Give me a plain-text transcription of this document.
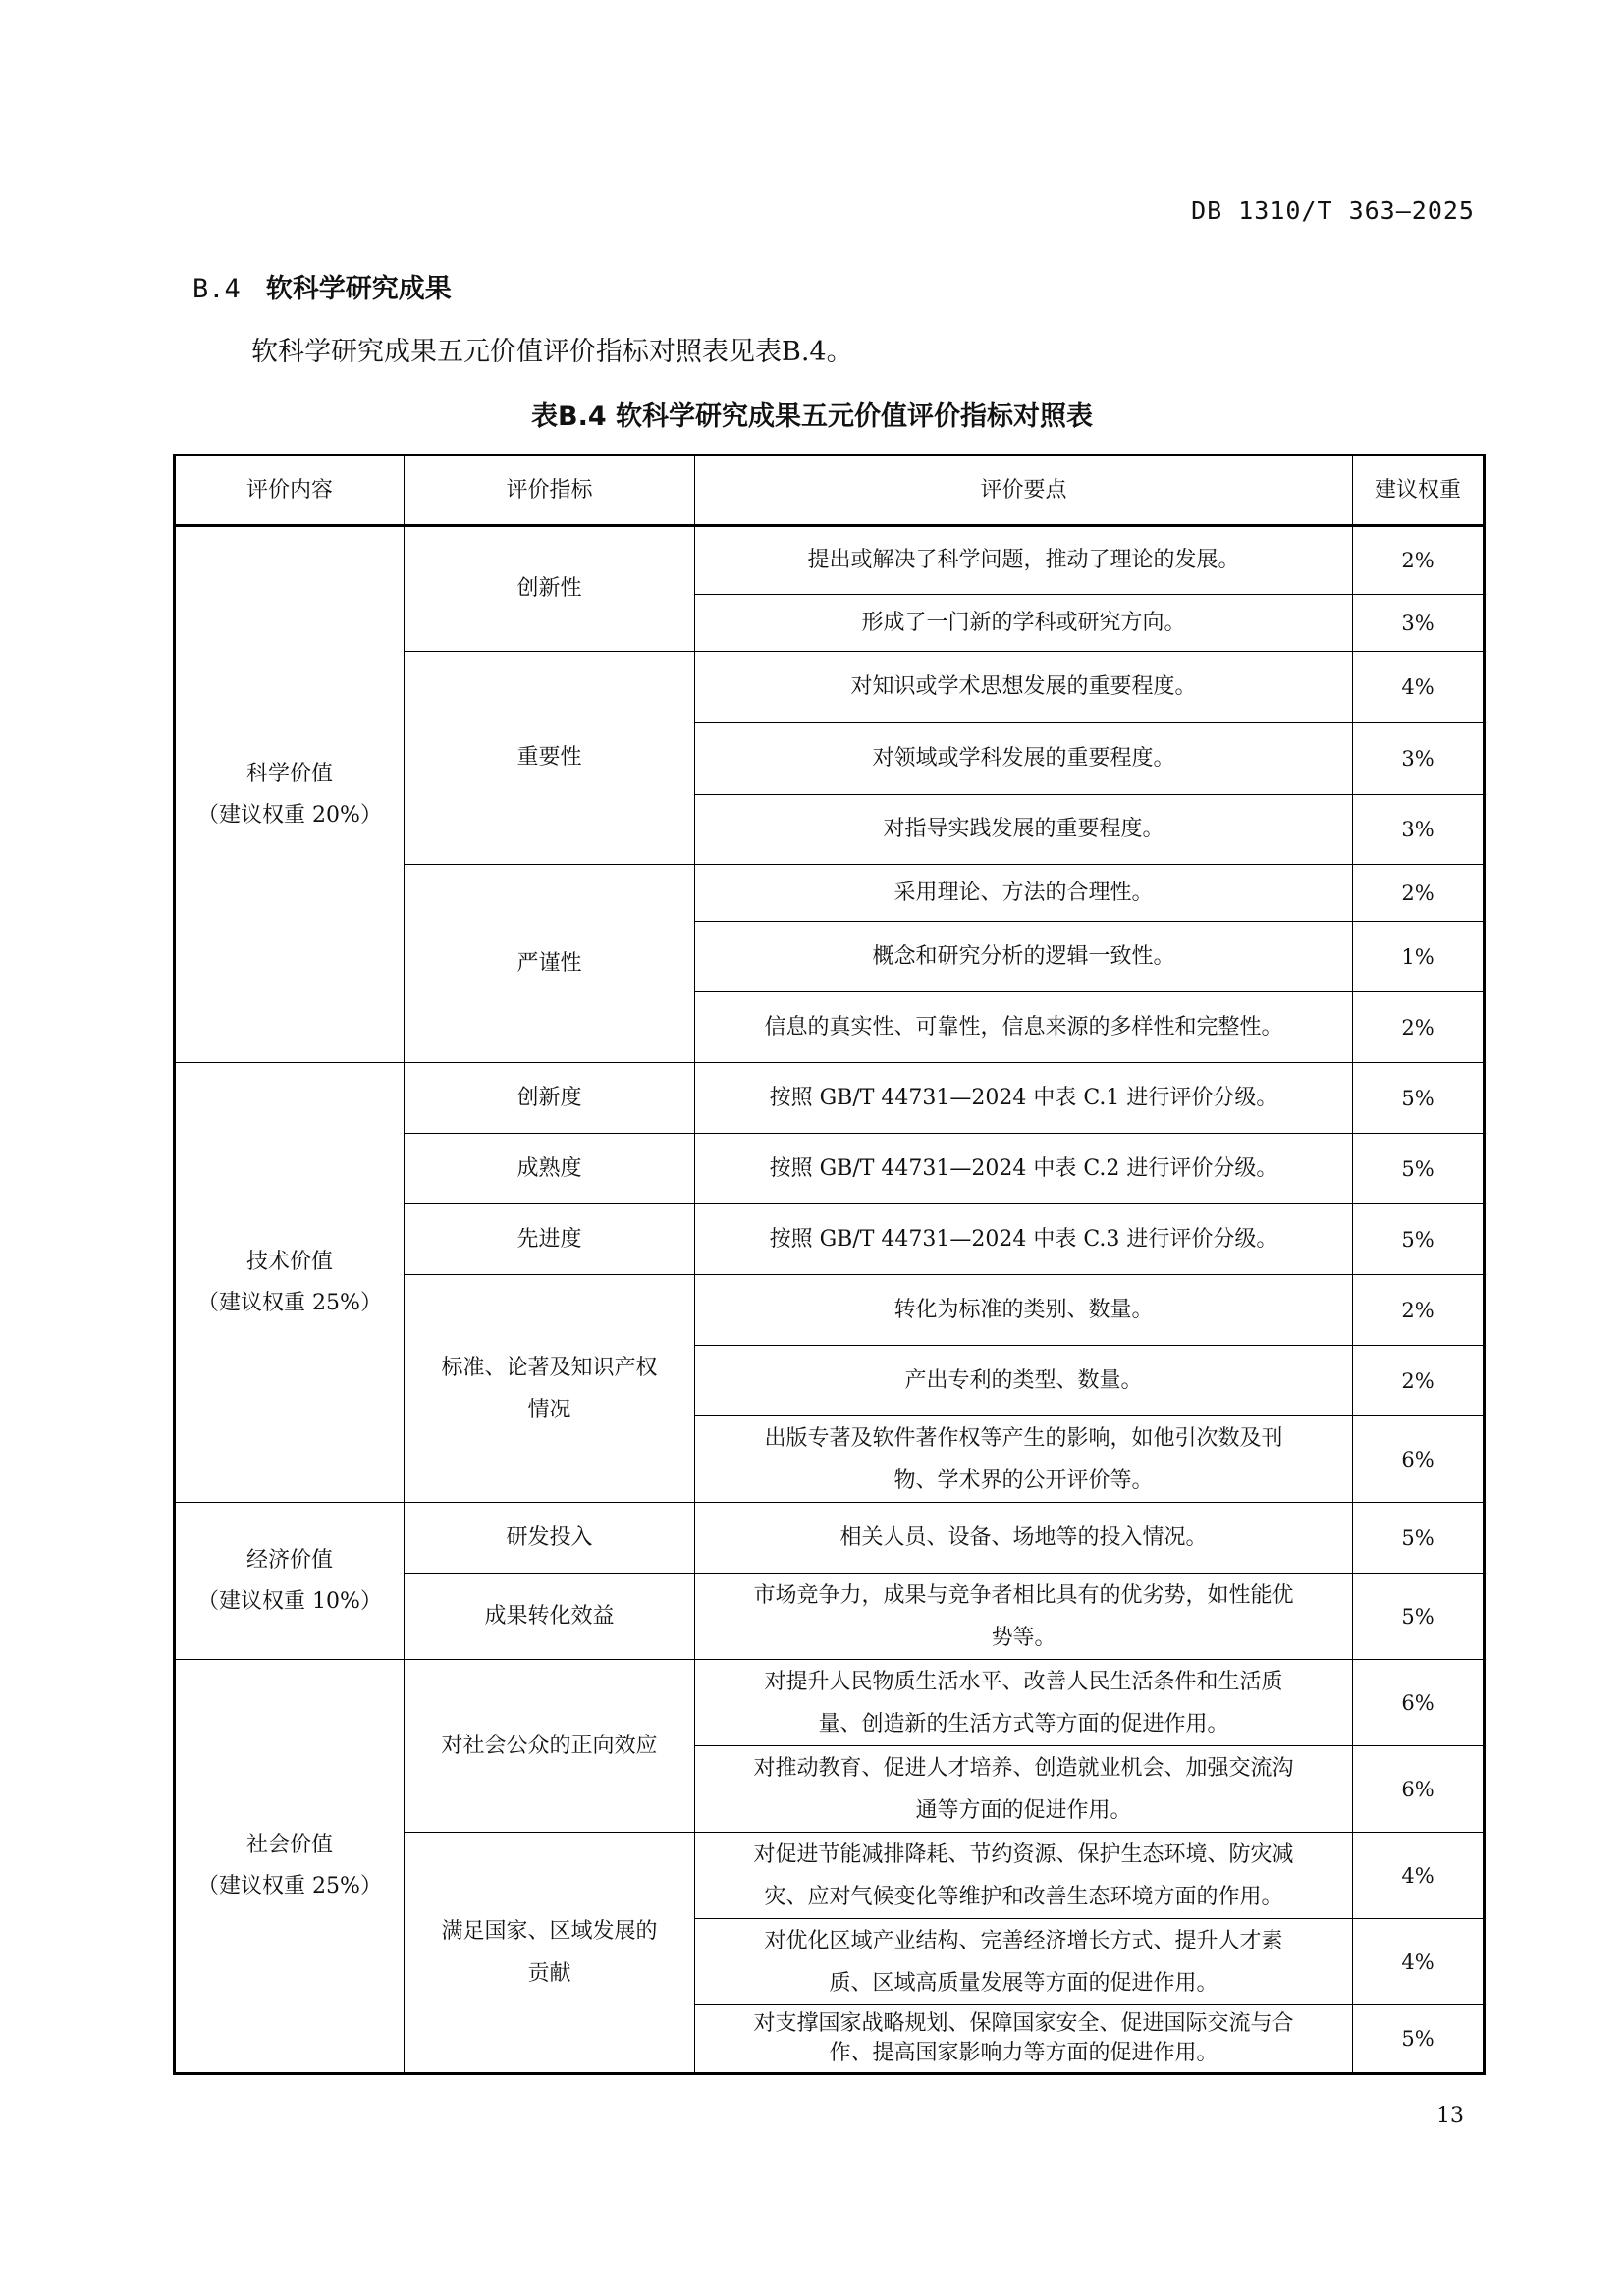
DB 1310/T 363—2025
B.4 软科学研究成果
软科学研究成果五元价值评价指标对照表见表B.4。
表B.4 软科学研究成果五元价值评价指标对照表
评价内容	评价指标	评价要点	建议权重
科学价值
（建议权重 20%）	创新性	提出或解决了科学问题，推动了理论的发展。	2%
		形成了一门新的学科或研究方向。	3%
	重要性	对知识或学术思想发展的重要程度。	4%
		对领域或学科发展的重要程度。	3%
		对指导实践发展的重要程度。	3%
	严谨性	采用理论、方法的合理性。	2%
		概念和研究分析的逻辑一致性。	1%
		信息的真实性、可靠性，信息来源的多样性和完整性。	2%
技术价值
（建议权重 25%）	创新度	按照 GB/T 44731—2024 中表 C.1 进行评价分级。	5%
	成熟度	按照 GB/T 44731—2024 中表 C.2 进行评价分级。	5%
	先进度	按照 GB/T 44731—2024 中表 C.3 进行评价分级。	5%
	标准、论著及知识产权
情况	转化为标准的类别、数量。	2%
		产出专利的类型、数量。	2%
		出版专著及软件著作权等产生的影响，如他引次数及刊
物、学术界的公开评价等。	6%
经济价值
（建议权重 10%）	研发投入	相关人员、设备、场地等的投入情况。	5%
	成果转化效益	市场竞争力，成果与竞争者相比具有的优劣势，如性能优
势等。	5%
社会价值
（建议权重 25%）	对社会公众的正向效应	对提升人民物质生活水平、改善人民生活条件和生活质
量、创造新的生活方式等方面的促进作用。	6%
		对推动教育、促进人才培养、创造就业机会、加强交流沟
通等方面的促进作用。	6%
	满足国家、区域发展的
贡献	对促进节能减排降耗、节约资源、保护生态环境、防灾减
灾、应对气候变化等维护和改善生态环境方面的作用。	4%
		对优化区域产业结构、完善经济增长方式、提升人才素
质、区域高质量发展等方面的促进作用。	4%
		对支撑国家战略规划、保障国家安全、促进国际交流与合
作、提高国家影响力等方面的促进作用。	5%
13
